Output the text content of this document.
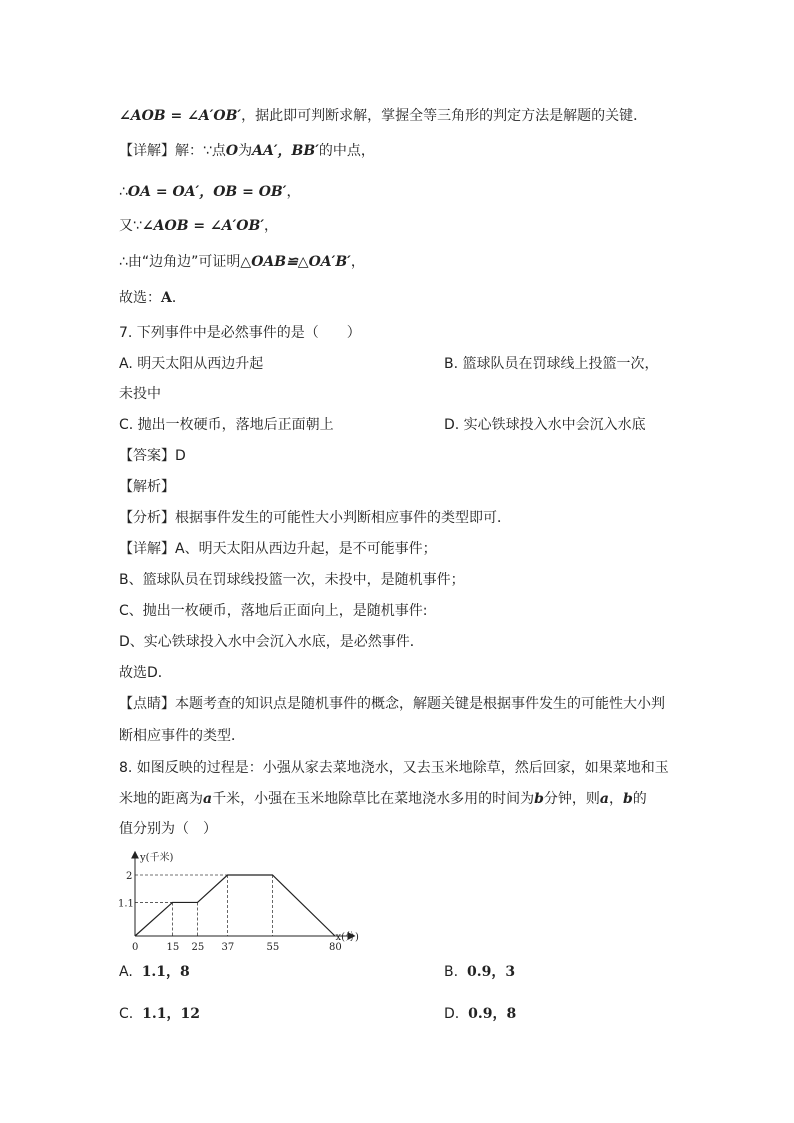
∠AOB = ∠A′OB′，据此即可判断求解，掌握全等三角形的判定方法是解题的关键．
【详解】解：∵点O为AA′，BB′的中点，
∴OA = OA′，OB = OB′，
又∵∠AOB = ∠A′OB′，
∴由“边角边”可证明△OAB≌△OA′B′，
故选：A．
7. 下列事件中是必然事件的是（　　）
A. 明天太阳从西边升起	B. 篮球队员在罚球线上投篮一次，
未投中
C. 抛出一枚硬币，落地后正面朝上	D. 实心铁球投入水中会沉入水底
【答案】D
【解析】
【分析】根据事件发生的可能性大小判断相应事件的类型即可．
【详解】A、明天太阳从西边升起，是不可能事件；
B、篮球队员在罚球线投篮一次，未投中，是随机事件；
C、抛出一枚硬币，落地后正面向上，是随机事件:
D、实心铁球投入水中会沉入水底，是必然事件．
故选D．
【点睛】本题考查的知识点是随机事件的概念，解题关键是根据事件发生的可能性大小判
断相应事件的类型．
8. 如图反映的过程是：小强从家去菜地浇水，又去玉米地除草，然后回家，如果菜地和玉
米地的距离为a千米，小强在玉米地除草比在菜地浇水多用的时间为b分钟，则a，b的
值分别为（　）
0	15 25 37	55	80
1.1
2
x(分)
y(千米)
A. 1.1，8	B. 0.9，3
C. 1.1，12	D. 0.9，8
